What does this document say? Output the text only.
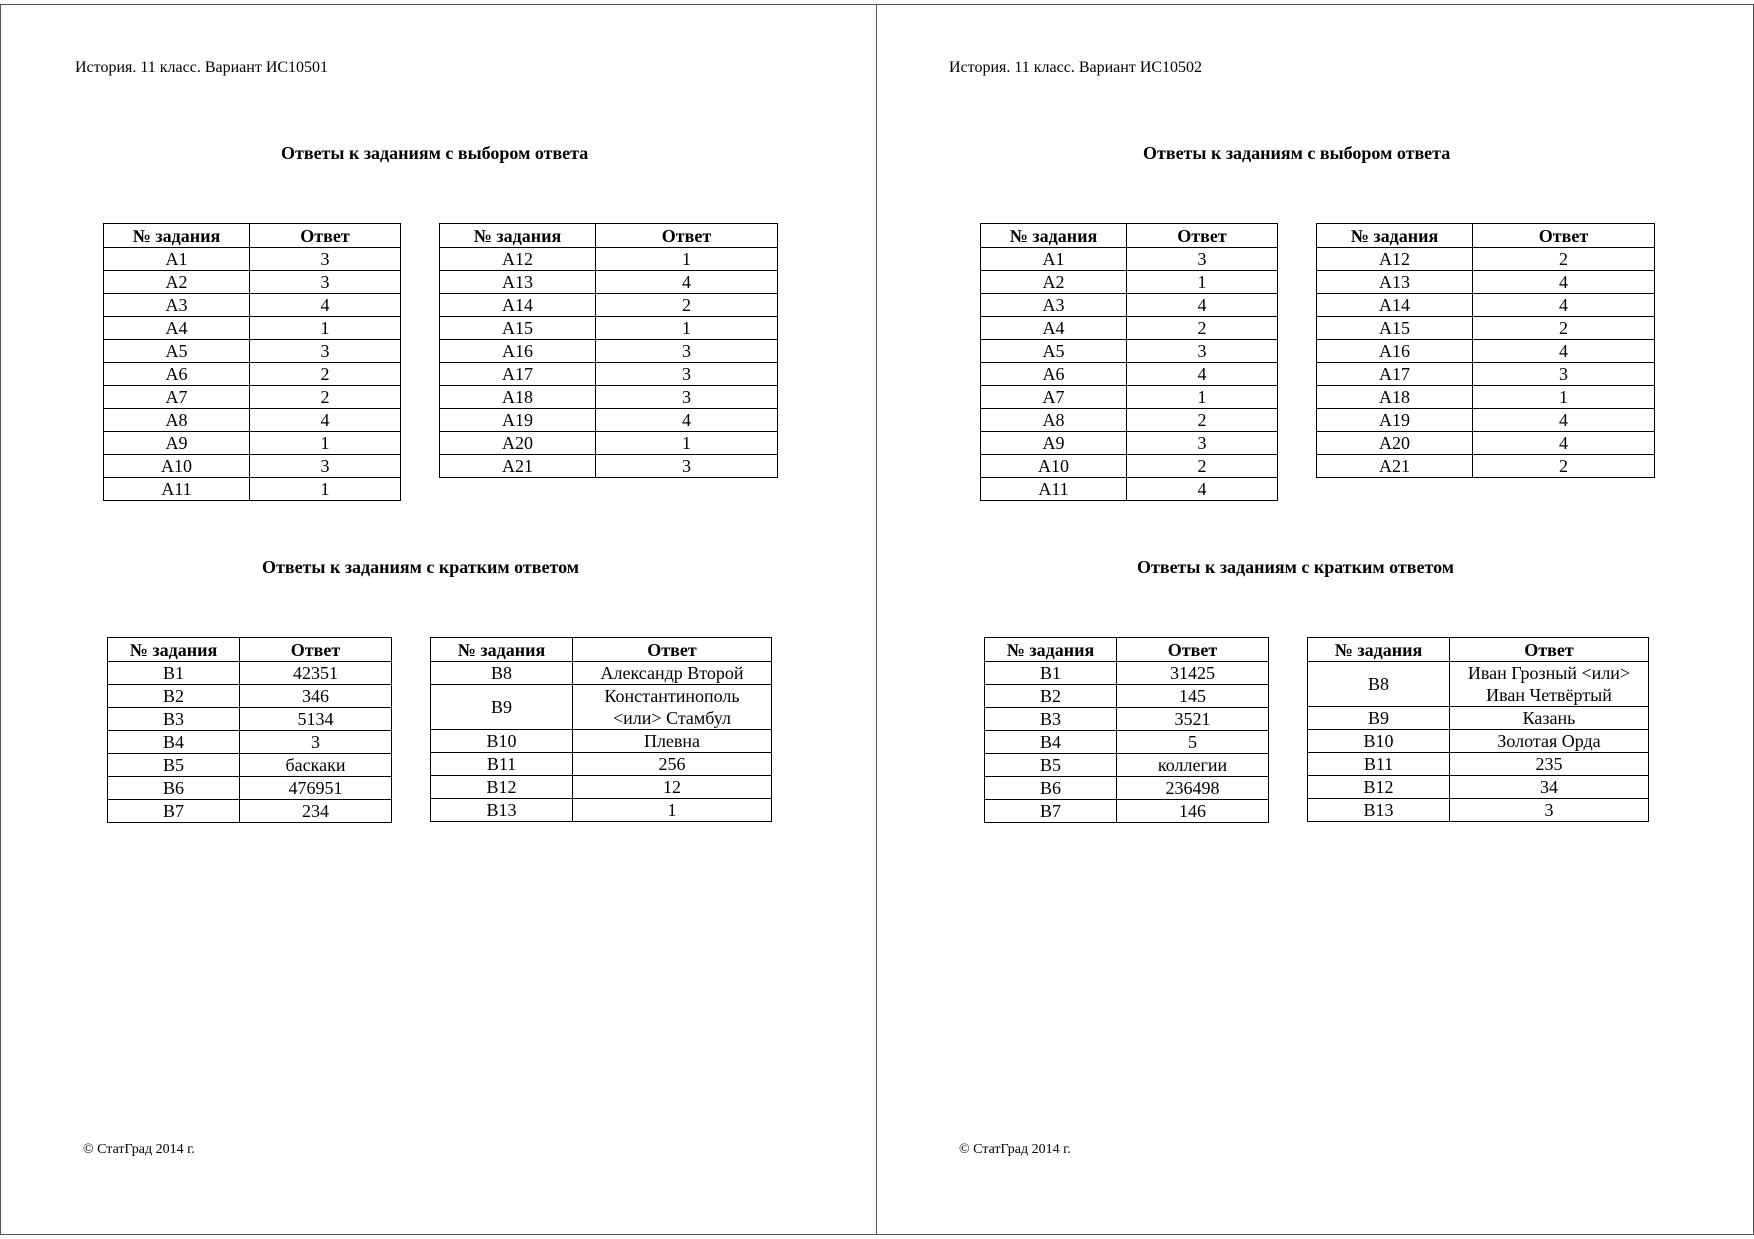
История. 11 класс. Вариант ИС10501
Ответы к заданиям с выбором ответа
№ задания	Ответ
A1	3
A2	3
A3	4
A4	1
A5	3
A6	2
A7	2
A8	4
A9	1
A10	3
A11	1
№ задания	Ответ
A12	1
A13	4
A14	2
A15	1
A16	3
A17	3
A18	3
A19	4
A20	1
A21	3
Ответы к заданиям с кратким ответом
№ задания	Ответ
B1	42351
B2	346
B3	5134
B4	3
B5	баскаки
B6	476951
B7	234
№ задания	Ответ
B8	Александр Второй
B9	Константинополь
<или> Стамбул
B10	Плевна
B11	256
B12	12
B13	1
© СтатГрад 2014 г.
История. 11 класс. Вариант ИС10502
Ответы к заданиям с выбором ответа
№ задания	Ответ
A1	3
A2	1
A3	4
A4	2
A5	3
A6	4
A7	1
A8	2
A9	3
A10	2
A11	4
№ задания	Ответ
A12	2
A13	4
A14	4
A15	2
A16	4
A17	3
A18	1
A19	4
A20	4
A21	2
Ответы к заданиям с кратким ответом
№ задания	Ответ
B1	31425
B2	145
B3	3521
B4	5
B5	коллегии
B6	236498
B7	146
№ задания	Ответ
B8	Иван Грозный <или>
Иван Четвёртый
B9	Казань
B10	Золотая Орда
B11	235
B12	34
B13	3
© СтатГрад 2014 г.
